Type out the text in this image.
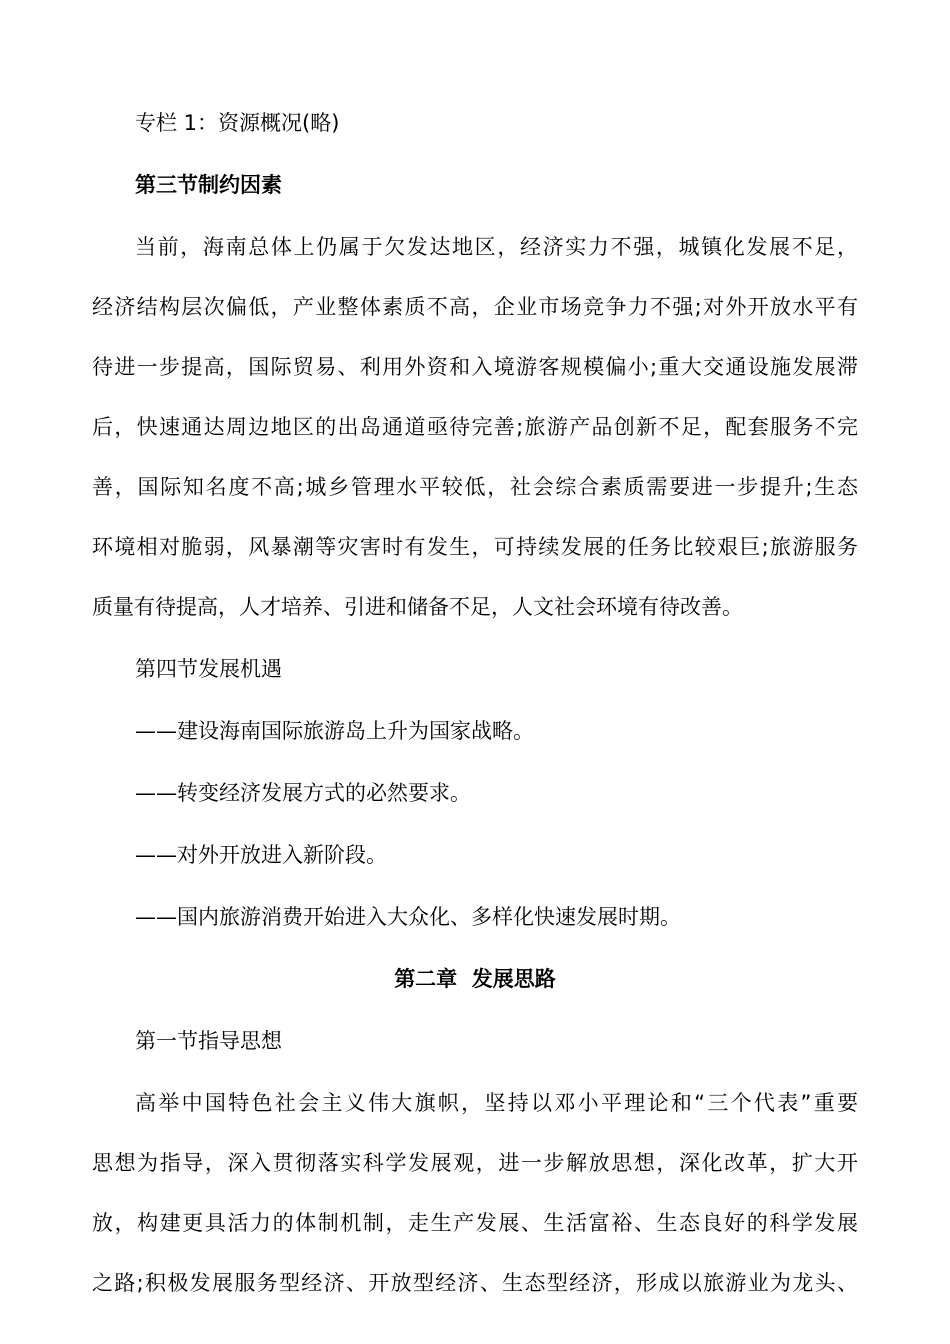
专栏 1：资源概况(略)
第三节制约因素
当前，海南总体上仍属于欠发达地区，经济实力不强，城镇化发展不足，
经济结构层次偏低，产业整体素质不高，企业市场竞争力不强;对外开放水平有
待进一步提高，国际贸易、利用外资和入境游客规模偏小;重大交通设施发展滞
后，快速通达周边地区的出岛通道亟待完善;旅游产品创新不足，配套服务不完
善，国际知名度不高;城乡管理水平较低，社会综合素质需要进一步提升;生态
环境相对脆弱，风暴潮等灾害时有发生，可持续发展的任务比较艰巨;旅游服务
质量有待提高，人才培养、引进和储备不足，人文社会环境有待改善。
第四节发展机遇
——建设海南国际旅游岛上升为国家战略。
——转变经济发展方式的必然要求。
——对外开放进入新阶段。
——国内旅游消费开始进入大众化、多样化快速发展时期。
第二章  发展思路
第一节指导思想
高举中国特色社会主义伟大旗帜，坚持以邓小平理论和“三个代表”重要
思想为指导，深入贯彻落实科学发展观，进一步解放思想，深化改革，扩大开
放，构建更具活力的体制机制，走生产发展、生活富裕、生态良好的科学发展
之路;积极发展服务型经济、开放型经济、生态型经济，形成以旅游业为龙头、
